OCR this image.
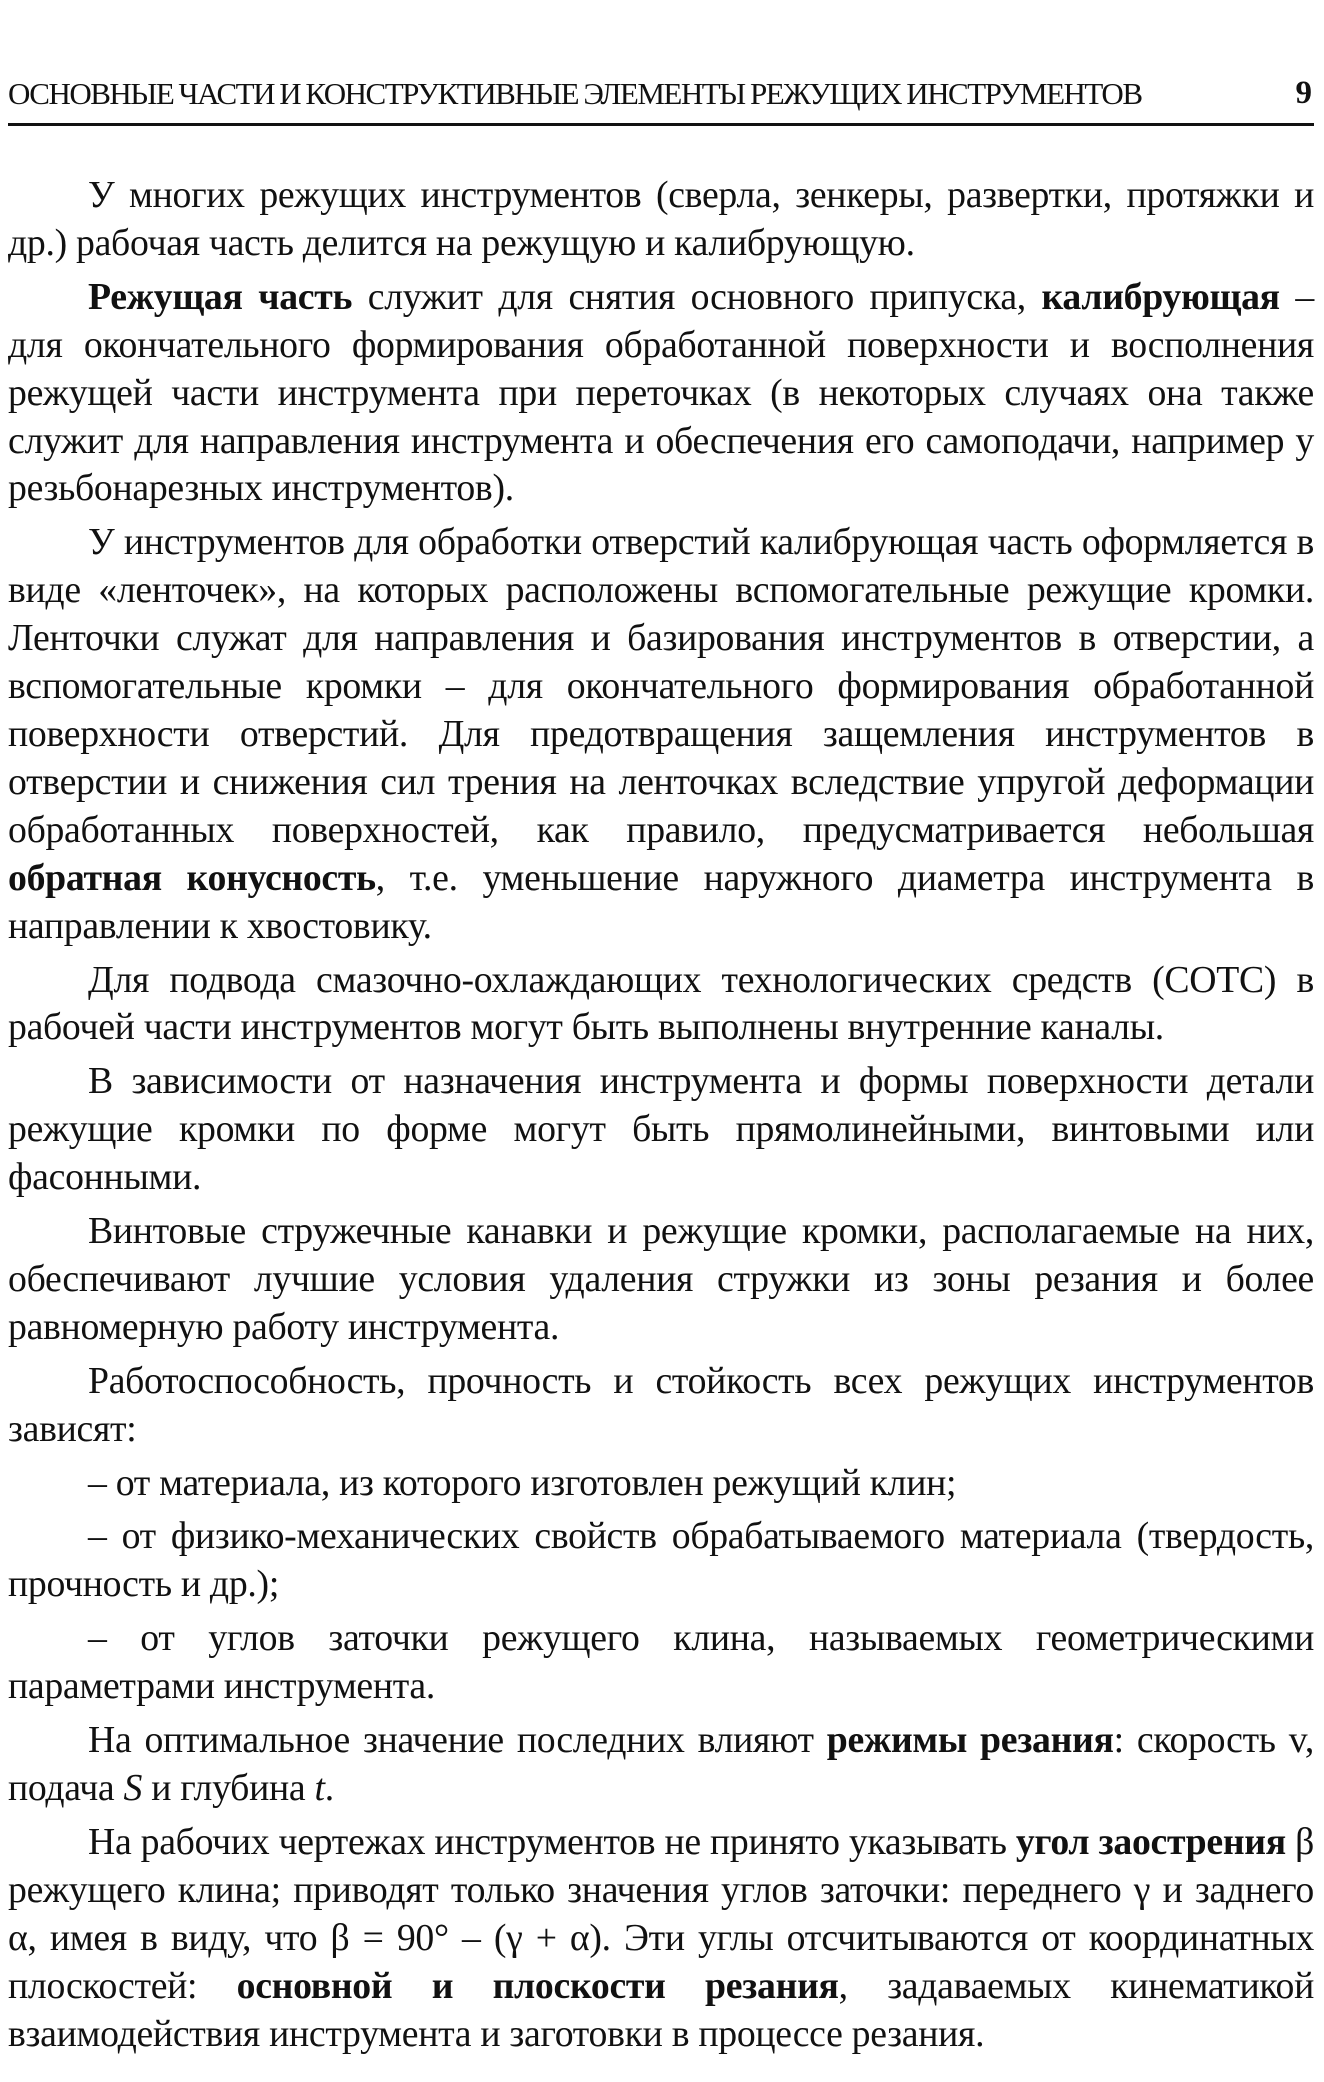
ОСНОВНЫЕ ЧАСТИ И КОНСТРУКТИВНЫЕ ЭЛЕМЕНТЫ РЕЖУЩИХ ИНСТРУМЕНТОВ	9

У многих режущих инструментов (сверла, зенкеры, развертки, протяжки и др.) рабочая часть делится на режущую и калибрующую.

Режущая часть служит для снятия основного припуска, калибрующая – для окончательного формирования обработанной поверхности и восполнения режущей части инструмента при переточках (в некоторых случаях она также служит для направления инструмента и обеспечения его самоподачи, например у резьбонарезных инструментов).

У инструментов для обработки отверстий калибрующая часть оформляется в виде «ленточек», на которых расположены вспомогательные режущие кромки. Ленточки служат для направления и базирования инструментов в отверстии, а вспомогательные кромки – для окончательного формирования обработанной поверхности отверстий. Для предотвращения защемления инструментов в отверстии и снижения сил трения на ленточках вследствие упругой деформации обработанных поверхностей, как правило, предусматривается небольшая обратная конусность, т.е. уменьшение наружного диаметра инструмента в направлении к хвостовику.

Для подвода смазочно-охлаждающих технологических средств (СОТС) в рабочей части инструментов могут быть выполнены внутренние каналы.

В зависимости от назначения инструмента и формы поверхности детали режущие кромки по форме могут быть прямолинейными, винтовыми или фасонными.

Винтовые стружечные канавки и режущие кромки, располагаемые на них, обеспечивают лучшие условия удаления стружки из зоны резания и более равномерную работу инструмента.

Работоспособность, прочность и стойкость всех режущих инструментов зависят:

– от материала, из которого изготовлен режущий клин;

– от физико-механических свойств обрабатываемого материала (твердость, прочность и др.);

– от углов заточки режущего клина, называемых геометрическими параметрами инструмента.

На оптимальное значение последних влияют режимы резания: скорость v, подача S и глубина t.

На рабочих чертежах инструментов не принято указывать угол заострения β режущего клина; приводят только значения углов заточки: переднего γ и заднего α, имея в виду, что β = 90° – (γ + α). Эти углы отсчитываются от координатных плоскостей: основной и плоскости резания, задаваемых кинематикой взаимодействия инструмента и заготовки в процессе резания.
